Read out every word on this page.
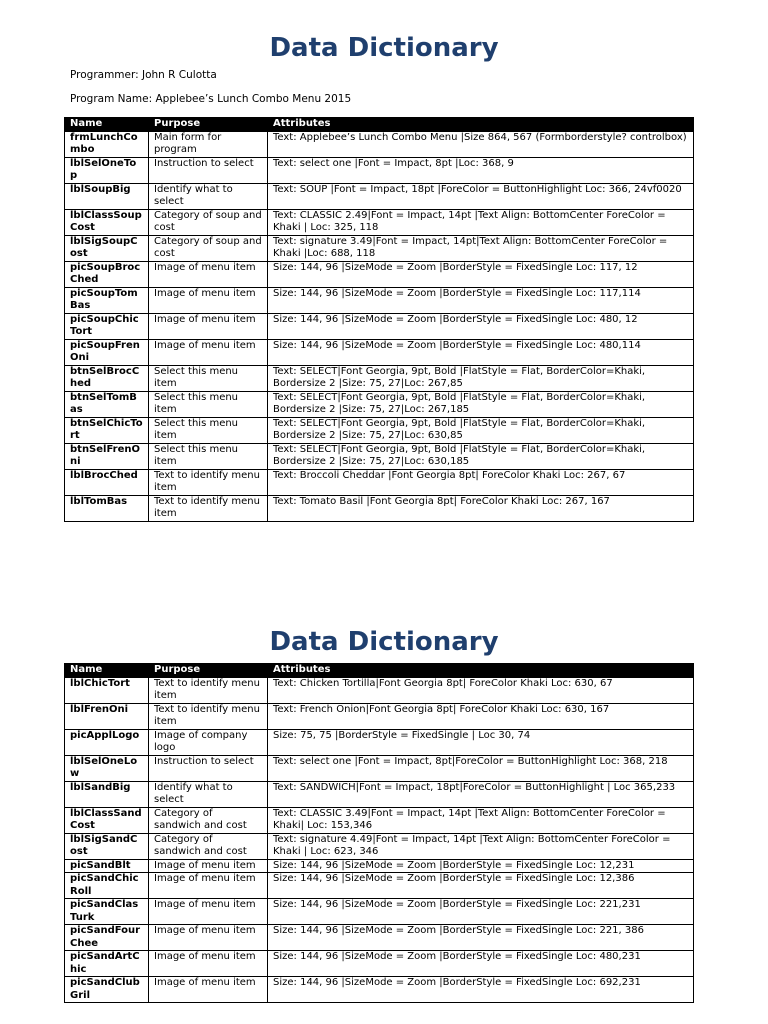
Data Dictionary

Programmer: John R Culotta

Program Name: Applebee’s Lunch Combo Menu 2015

Name	Purpose	Attributes
frmLunchCombo	Main form for program	Text: Applebee’s Lunch Combo Menu |Size 864, 567 (Formborderstyle? controlbox)
lblSelOneTop	Instruction to select	Text: select one |Font = Impact, 8pt |Loc: 368, 9
lblSoupBig	Identify what to select	Text: SOUP |Font = Impact, 18pt |ForeColor = ButtonHighlight Loc: 366, 24vf0020
lblClassSoupCost	Category of soup and cost	Text: CLASSIC 2.49|Font = Impact, 14pt |Text Align: BottomCenter ForeColor = Khaki | Loc: 325, 118
lblSigSoupCost	Category of soup and cost	Text: signature 3.49|Font = Impact, 14pt|Text Align: BottomCenter ForeColor = Khaki |Loc: 688, 118
picSoupBrocChed	Image of menu item	Size: 144, 96 |SizeMode = Zoom |BorderStyle = FixedSingle Loc: 117, 12
picSoupTomBas	Image of menu item	Size: 144, 96 |SizeMode = Zoom |BorderStyle = FixedSingle Loc: 117,114
picSoupChicTort	Image of menu item	Size: 144, 96 |SizeMode = Zoom |BorderStyle = FixedSingle Loc: 480, 12
picSoupFrenOni	Image of menu item	Size: 144, 96 |SizeMode = Zoom |BorderStyle = FixedSingle Loc: 480,114
btnSelBrocChed	Select this menu item	Text: SELECT|Font Georgia, 9pt, Bold |FlatStyle = Flat, BorderColor=Khaki, Bordersize 2 |Size: 75, 27|Loc: 267,85
btnSelTomBas	Select this menu item	Text: SELECT|Font Georgia, 9pt, Bold |FlatStyle = Flat, BorderColor=Khaki, Bordersize 2 |Size: 75, 27|Loc: 267,185
btnSelChicTort	Select this menu item	Text: SELECT|Font Georgia, 9pt, Bold |FlatStyle = Flat, BorderColor=Khaki, Bordersize 2 |Size: 75, 27|Loc: 630,85
btnSelFrenOni	Select this menu item	Text: SELECT|Font Georgia, 9pt, Bold |FlatStyle = Flat, BorderColor=Khaki, Bordersize 2 |Size: 75, 27|Loc: 630,185
lblBrocChed	Text to identify menu item	Text: Broccoli Cheddar |Font Georgia 8pt| ForeColor Khaki Loc: 267, 67
lblTomBas	Text to identify menu item	Text: Tomato Basil |Font Georgia 8pt| ForeColor Khaki Loc: 267, 167
Data Dictionary
Name	Purpose	Attributes
lblChicTort	Text to identify menu item	Text: Chicken Tortilla|Font Georgia 8pt| ForeColor Khaki Loc: 630, 67
lblFrenOni	Text to identify menu item	Text: French Onion|Font Georgia 8pt| ForeColor Khaki Loc: 630, 167
picApplLogo	Image of company logo	Size: 75, 75 |BorderStyle = FixedSingle | Loc 30, 74
lblSelOneLow	Instruction to select	Text: select one |Font = Impact, 8pt|ForeColor = ButtonHighlight Loc: 368, 218
lblSandBig	Identify what to select	Text: SANDWICH|Font = Impact, 18pt|ForeColor = ButtonHighlight | Loc 365,233
lblClassSandCost	Category of sandwich and cost	Text: CLASSIC 3.49|Font = Impact, 14pt |Text Align: BottomCenter ForeColor = Khaki| Loc: 153,346
lblSigSandCost	Category of sandwich and cost	Text: signature 4.49|Font = Impact, 14pt |Text Align: BottomCenter ForeColor = Khaki | Loc: 623, 346
picSandBlt	Image of menu item	Size: 144, 96 |SizeMode = Zoom |BorderStyle = FixedSingle Loc: 12,231
picSandChicRoll	Image of menu item	Size: 144, 96 |SizeMode = Zoom |BorderStyle = FixedSingle Loc: 12,386
picSandClasTurk	Image of menu item	Size: 144, 96 |SizeMode = Zoom |BorderStyle = FixedSingle Loc: 221,231
picSandFourChee	Image of menu item	Size: 144, 96 |SizeMode = Zoom |BorderStyle = FixedSingle Loc: 221, 386
picSandArtChic	Image of menu item	Size: 144, 96 |SizeMode = Zoom |BorderStyle = FixedSingle Loc: 480,231
picSandClubGril	Image of menu item	Size: 144, 96 |SizeMode = Zoom |BorderStyle = FixedSingle Loc: 692,231
